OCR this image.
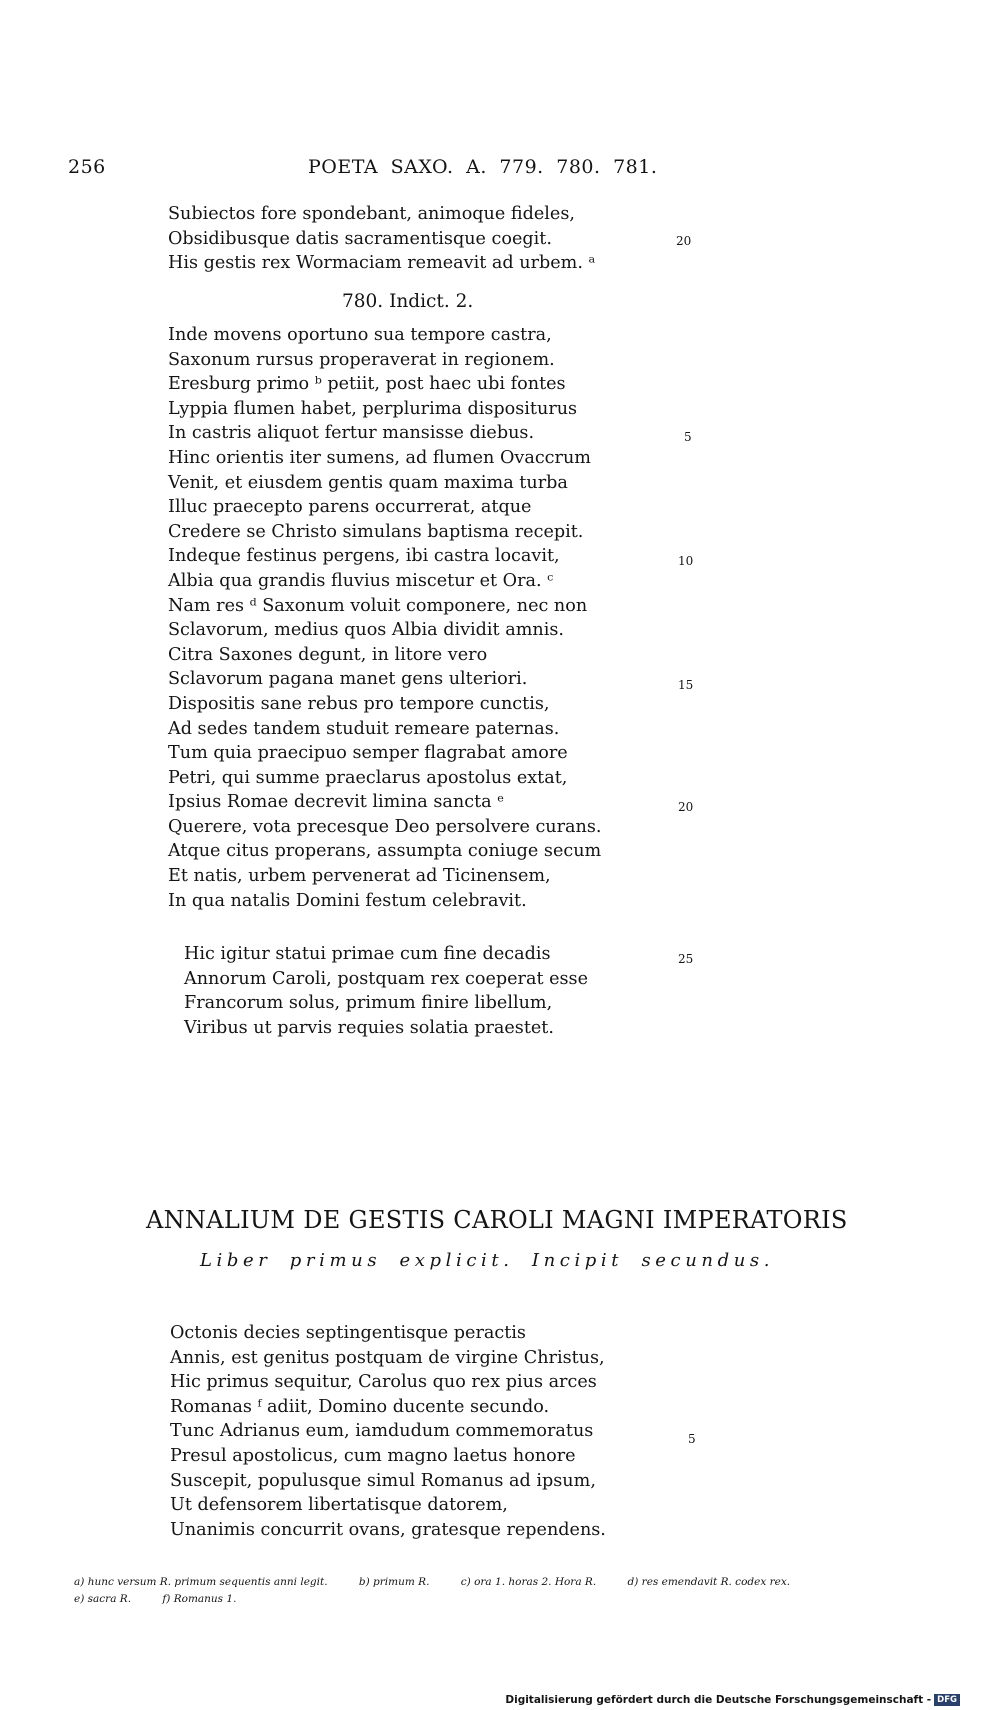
256	POETA SAXO. A. 779. 780. 781.
Subiectos fore spondebant, animoque fideles,
Obsidibusque datis sacramentisque coegit.
His gestis rex Wormaciam remeavit ad urbem. ᵃ
20
780. Indict. 2.
Inde movens oportuno sua tempore castra,
Saxonum rursus properaverat in regionem.
Eresburg primo ᵇ petiit, post haec ubi fontes
Lyppia flumen habet, perplurima dispositurus
In castris aliquot fertur mansisse diebus.
Hinc orientis iter sumens, ad flumen Ovaccrum
Venit, et eiusdem gentis quam maxima turba
Illuc praecepto parens occurrerat, atque
Credere se Christo simulans baptisma recepit.
Indeque festinus pergens, ibi castra locavit,
Albia qua grandis fluvius miscetur et Ora. ᶜ
Nam res ᵈ Saxonum voluit componere, nec non
Sclavorum, medius quos Albia dividit amnis.
Citra Saxones degunt, in litore vero
Sclavorum pagana manet gens ulteriori.
Dispositis sane rebus pro tempore cunctis,
Ad sedes tandem studuit remeare paternas.
Tum quia praecipuo semper flagrabat amore
Petri, qui summe praeclarus apostolus extat,
Ipsius Romae decrevit limina sancta ᵉ
Querere, vota precesque Deo persolvere curans.
Atque citus properans, assumpta coniuge secum
Et natis, urbem pervenerat ad Ticinensem,
In qua natalis Domini festum celebravit.
5
10
15
20
Hic igitur statui primae cum fine decadis
Annorum Caroli, postquam rex coeperat esse
Francorum solus, primum finire libellum,
Viribus ut parvis requies solatia praestet.
25
ANNALIUM DE GESTIS CAROLI MAGNI IMPERATORIS
Liber primus explicit. Incipit secundus.
Octonis decies septingentisque peractis
Annis, est genitus postquam de virgine Christus,
Hic primus sequitur, Carolus quo rex pius arces
Romanas ᶠ adiit, Domino ducente secundo.
Tunc Adrianus eum, iamdudum commemoratus
Presul apostolicus, cum magno laetus honore
Suscepit, populusque simul Romanus ad ipsum,
Ut defensorem libertatisque datorem,
Unanimis concurrit ovans, gratesque rependens.
5
a) hunc versum R. primum sequentis anni legit.	b) primum R.	c) ora 1. horas 2. Hora R.	d) res emendavit R. codex rex. e) sacra R.	f) Romanus 1.
Digitalisierung gefördert durch die Deutsche Forschungsgemeinschaft - DFG
